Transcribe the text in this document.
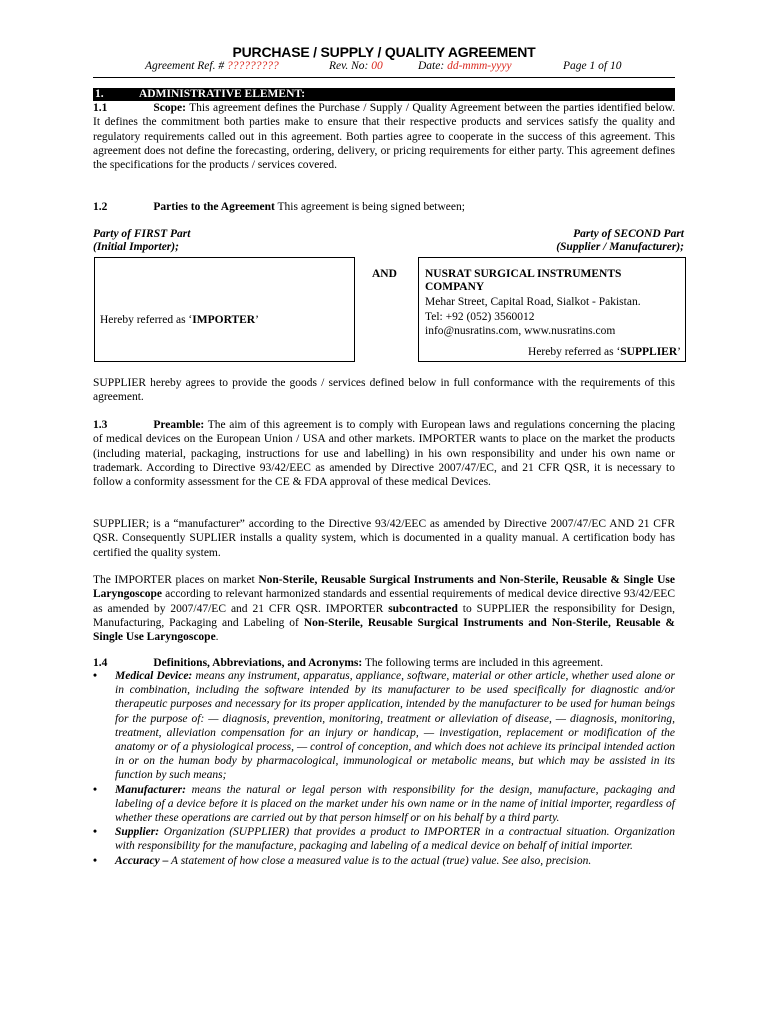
PURCHASE / SUPPLY / QUALITY AGREEMENT
Agreement Ref. # ?????????	Rev. No: 00	Date: dd-mmm-yyyy	Page 1 of 10
1.	ADMINISTRATIVE ELEMENT:
1.1	Scope: This agreement defines the Purchase / Supply / Quality Agreement between the parties identified below. It defines the commitment both parties make to ensure that their respective products and services satisfy the quality and regulatory requirements called out in this agreement. Both parties agree to cooperate in the success of this agreement. This agreement does not define the forecasting, ordering, delivery, or pricing requirements for either party. This agreement defines the specifications for the products / services covered.
1.2	Parties to the Agreement This agreement is being signed between;
Party of FIRST Part
(Initial Importer);
Party of SECOND Part
(Supplier / Manufacturer);
Hereby referred as ‘IMPORTER’
AND NUSRAT SURGICAL INSTRUMENTS COMPANY
Mehar Street, Capital Road, Sialkot - Pakistan.
Tel: +92 (052) 3560012
info@nusratins.com, www.nusratins.com
Hereby referred as ‘SUPPLIER’
SUPPLIER hereby agrees to provide the goods / services defined below in full conformance with the requirements of this agreement.
1.3	Preamble: The aim of this agreement is to comply with European laws and regulations concerning the placing of medical devices on the European Union / USA and other markets. IMPORTER wants to place on the market the products (including material, packaging, instructions for use and labelling) in his own responsibility and under his own name or trademark. According to Directive 93/42/EEC as amended by Directive 2007/47/EC, and 21 CFR QSR, it is necessary to follow a conformity assessment for the CE & FDA approval of these medical Devices.
SUPPLIER; is a “manufacturer” according to the Directive 93/42/EEC as amended by Directive 2007/47/EC AND 21 CFR QSR. Consequently SUPLIER installs a quality system, which is documented in a quality manual. A certification body has certified the quality system.
The IMPORTER places on market Non-Sterile, Reusable Surgical Instruments and Non-Sterile, Reusable & Single Use Laryngoscope according to relevant harmonized standards and essential requirements of medical device directive 93/42/EEC as amended by 2007/47/EC and 21 CFR QSR. IMPORTER subcontracted to SUPPLIER the responsibility for Design, Manufacturing, Packaging and Labeling of Non-Sterile, Reusable Surgical Instruments and Non-Sterile, Reusable & Single Use Laryngoscope.
1.4	Definitions, Abbreviations, and Acronyms: The following terms are included in this agreement.
• Medical Device: means any instrument, apparatus, appliance, software, material or other article, whether used alone or in combination, including the software intended by its manufacturer to be used specifically for diagnostic and/or therapeutic purposes and necessary for its proper application, intended by the manufacturer to be used for human beings for the purpose of: — diagnosis, prevention, monitoring, treatment or alleviation of disease, — diagnosis, monitoring, treatment, alleviation compensation for an injury or handicap, — investigation, replacement or modification of the anatomy or of a physiological process, — control of conception, and which does not achieve its principal intended action in or on the human body by pharmacological, immunological or metabolic means, but which may be assisted in its function by such means;
• Manufacturer: means the natural or legal person with responsibility for the design, manufacture, packaging and labeling of a device before it is placed on the market under his own name or in the name of initial importer, regardless of whether these operations are carried out by that person himself or on his behalf by a third party.
• Supplier: Organization (SUPPLIER) that provides a product to IMPORTER in a contractual situation. Organization with responsibility for the manufacture, packaging and labeling of a medical device on behalf of initial importer.
• Accuracy – A statement of how close a measured value is to the actual (true) value. See also, precision.
